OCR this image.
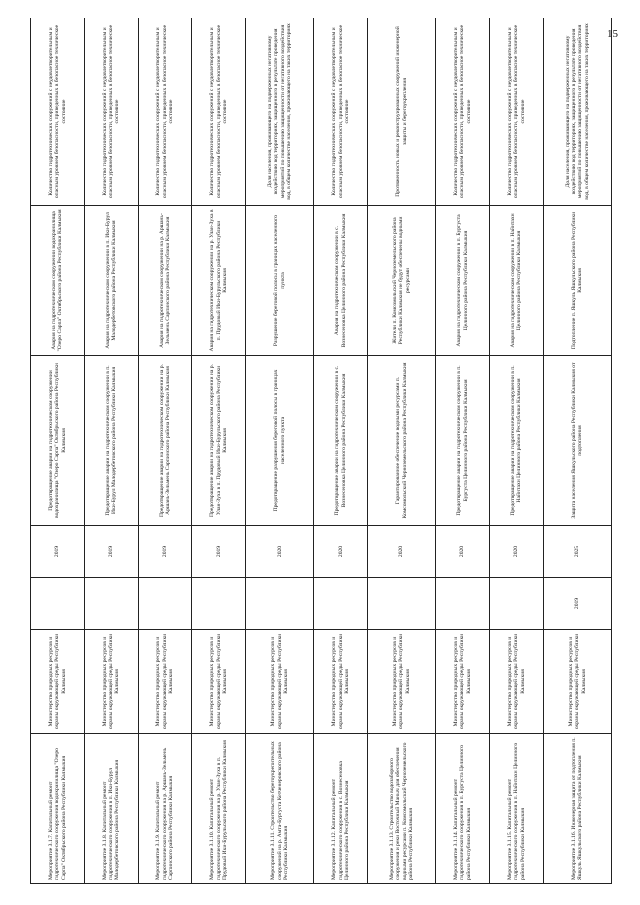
15
Мероприятие 3.1.7. Капитальный ремонт гидротехнического сооружения водохранилища "Озеро Сарпа" Октябрьского района Республики Калмыкия	Министерство природных ресурсов и охраны окружающей среды Республики Калмыкия		2019	Предотвращение аварии на гидротехническом сооружении водохранилища "Озеро Сарпа" Октябрьского района Республики Калмыкия	Авария на гидротехническом сооружении водохранилища "Озеро Сарпа" Октябрьского района Республики Калмыкия	Количество гидротехнических сооружений с неудовлетворительным и опасным уровнем безопасности, приведенных в безопасное техническое состояние
Мероприятие 3.1.8. Капитальный ремонт гидротехнического сооружения в п. Ики-Бурул Малодербетовского района Республики Калмыкия	Министерство природных ресурсов и охраны окружающей среды Республики Калмыкия		2019	Предотвращение аварии на гидротехническом сооружении в п. Ики-Бурул Малодербетовского района Республики Калмыкия	Авария на гидротехническом сооружении в п. Ики-Бурул Малодербетовского района Республики Калмыкия	Количество гидротехнических сооружений с неудовлетворительным и опасным уровнем безопасности, приведенных в безопасное техническое состояние
Мероприятие 3.1.9. Капитальный ремонт гидротехнического сооружения на р. Аршань-Зельмень Сарпинского района Республики Калмыкия	Министерство природных ресурсов и охраны окружающей среды Республики Калмыкия		2019	Предотвращение аварии на гидротехническом сооружении на р. Аршань-Зельмень Сарпинского района Республики Калмыкия	Авария на гидротехническом сооружении на р. Аршань-Зельмень Сарпинского района Республики Калмыкия	Количество гидротехнических сооружений с неудовлетворительным и опасным уровнем безопасности, приведенных в безопасное техническое состояние
Мероприятие 3.1.10. Капитальный ремонт гидротехнического сооружения на р. Улан-Зуха в п. Прудовый Ики-Бурульского района Республики Калмыкия	Министерство природных ресурсов и охраны окружающей среды Республики Калмыкия		2019	Предотвращение аварии на гидротехническом сооружении на р. Улан-Зуха в п. Прудовый Ики-Бурульского района Республики Калмыкия	Авария на гидротехническом сооружении на р. Улан-Зуха в п. Прудовый Ики-Бурульского района Республики Калмыкия	Количество гидротехнических сооружений с неудовлетворительным и опасным уровнем безопасности, приведенных в безопасное техническое состояние
Мероприятие 3.1.11. Строительство берегоукрепительных сооружений на р. Амта-Бургуста Кетченеровского района Республики Калмыкия	Министерство природных ресурсов и охраны окружающей среды Республики Калмыкия		2020	Предотвращение разрушения береговой полосы в границах населенного пункта	Разрушение береговой полосы в границах населенного пункта	Доля населения, проживающего на подверженных негативному воздействию вод территориях, защищенного в результате проведения мероприятий по повышению защищенности от негативного воздействия вод, в общем количестве населения, проживающего на таких территориях
Мероприятие 3.1.12. Капитальный ремонт гидротехнического сооружения в с. Вознесеновка Целинного района Республики Калмыкия	Министерство природных ресурсов и охраны окружающей среды Республики Калмыкия		2020	Предотвращение аварии на гидротехническом сооружении в с. Вознесеновка Целинного района Республики Калмыкия	Авария на гидротехническом сооружении в с. Вознесеновка Целинного района Республики Калмыкия	Количество гидротехнических сооружений с неудовлетворительным и опасным уровнем безопасности, приведенных в безопасное техническое состояние
Мероприятие 3.1.13. Строительство водозаборного сооружения и реки Восточный Маныч для обеспечения водными ресурсами п. Комсомольский Черноземельского района Республики Калмыкия	Министерство природных ресурсов и охраны окружающей среды Республики Калмыкия		2020	Гарантированное обеспечение водными ресурсами п. Комсомольский Черноземельского района Республики Калмыкия	Жители п. Комсомольский Черноземельского района Республики Калмыкия не будут обеспечены водными ресурсами	Протяженность новых и реконструированных сооружений инженерной защиты и берегоукрепления
Мероприятие 3.1.14. Капитальный ремонт гидротехнического сооружения в п. Бургуста Целинного района Республики Калмыкия	Министерство природных ресурсов и охраны окружающей среды Республики Калмыкия		2020	Предотвращение аварии на гидротехническом сооружении в п. Бургуста Целинного района Республики Калмыкия	Авария на гидротехническом сооружении в п. Бургуста Целинного района Республики Калмыкия	Количество гидротехнических сооружений с неудовлетворительным и опасным уровнем безопасности, приведенных в безопасное техническое состояние
Мероприятие 3.1.15. Капитальный ремонт гидротехнического сооружения в п. Найнтахн Целинного района Республики Калмыкия	Министерство природных ресурсов и охраны окружающей среды Республики Калмыкия		2020	Предотвращение аварии на гидротехническом сооружении в п. Найнтахн Целинного района Республики Калмыкия	Авария на гидротехническом сооружении в п. Найнтахн Целинного района Республики Калмыкия	Количество гидротехнических сооружений с неудовлетворительным и опасным уровнем безопасности, приведенных в безопасное техническое состояние
Мероприятие 3.1.16. Инженерная защита от подтопления п. Яшкуль Яшкульского района Республики Калмыкия	Министерство природных ресурсов и охраны окружающей среды Республики Калмыкия	2019	2025	Защита населения Яшкульского района Республики Калмыкия от подтопления	Подтопление п. Яшкуль Яшкульского района Республики Калмыкия	Доля населения, проживающего на подверженных негативному воздействию вод территориях, защищенного в результате проведения мероприятий по повышению защищенности от негативного воздействия вод, в общем количестве населения, проживающего на таких территориях
